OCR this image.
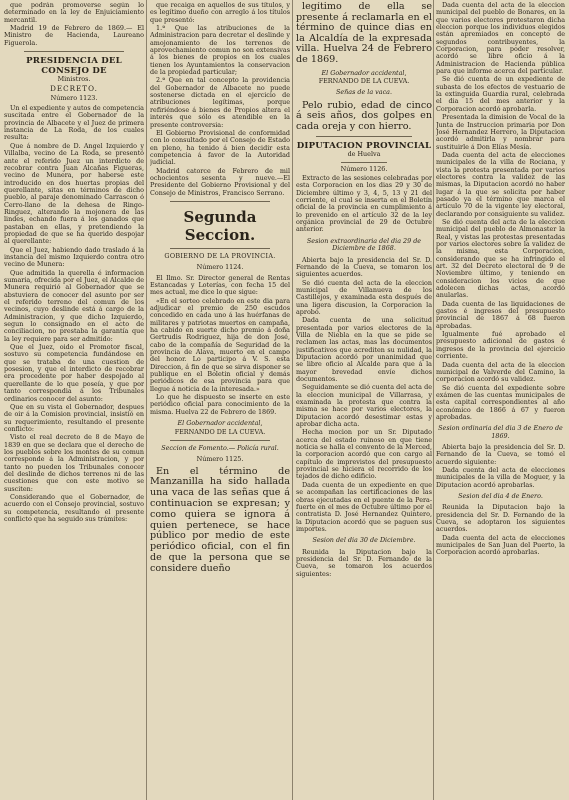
que podrán promoverse según lo determinado en la ley de Enjuiciamiento mercantil.

Madrid 19 de Febrero de 1869.— El Ministro de Hacienda, Laureano Figuerola.

PRESIDENCIA DEL CONSEJO DE
Ministros.
DECRETO.
Número 1123.

Un el expediente y autos de competencia suscitada entre el Gobernador de la provincia de Albacete y el Juez de primera instancia de La Roda, de los cuales resulta:

Que á nombre de D. Angel Izquierdo y Villalba, vecino de La Roda, se presentó ante el referido Juez un interdicto de recobrar contra Juan Alcañas Figueras, vecino de Munera, por haberse este introducido en dos huertas propias del querellante, sitas en términos de dicho pueblo, al paraje denominado Carrascon ó Cerro-llano de la dehesa de Ringo-Ringuez, alterando la mojonera de las lindes, echando fuera á los ganados que pastaban en ellas, y pretendiendo la propiedad de que se ha querido despojar al querellante:

Que el Juez, habiendo dado traslado á la instancia del mismo Izquierdo contra otro vecino de Munera:

Que admitida la querella é informacion sumaria, ofrecida por el Juez, el Alcalde de Munera requirió al Gobernador que se abstuviera de conocer del asunto por ser el referido terreno del comun de los vecinos, cuyo deslinde está á cargo de la Administracion, y que dicho Izquierdo, segun lo consignado en el acto de conciliacion, no prestaba la garantía que la ley requiere para ser admitido:

Que el Juez, oido el Promotor fiscal, sostuvo su competencia fundándose en que se trataba de una cuestion de posesion, y que el interdicto de recobrar era procedente por haber despojado al querellante de lo que poseía, y que por tanto correspondia á los Tribunales ordinarios conocer del asunto:

Que en su vista el Gobernador, despues de oir á la Comision provincial, insistió en su requerimiento, resultando el presente conflicto:

Visto el real decreto de 8 de Mayo de 1839 en que se declara que el derecho de los pueblos sobre los montes de su comun corresponde á la Administracion, y por tanto no pueden los Tribunales conocer del deslinde de dichos terrenos ni de las cuestiones que con este motivo se susciten:

Considerando que el Gobernador, de acuerdo con el Consejo provincial, sostuvo su competencia, resultando el presente conflicto que ha seguido sus trámites:

que recaiga en aquellos de sus títulos, y es legítimo dueño con arreglo á los títulos que presentó:

1.ª Que las atribuciones de la Administracion para decretar el deslinde y amojonamiento de los terrenos de aprovechamiento comun no son extensivas á los bienes de propios en los cuales tienen los Ayuntamientos la conservacion de la propiedad particular;

2.ª Que en tal concepto la providencia del Gobernador de Albacete no puede sostenerse dictada en el ejercicio de atribuciones legítimas, porque refiriéndose á bienes de Propios altera el interés que sólo es atendible en la presente controversia:

El Gobierno Provisional de conformidad con lo consultado por el Consejo de Estado en pleno, ha tenido á bien decidir esta competencia á favor de la Autoridad judicial.

Madrid catorce de Febrero de mil ochocientos sesenta y nueve.—El Presidente del Gobierno Provisional y del Consejo de Ministros, Francisco Serrano.

Segunda Seccion.
GOBIERNO DE LA PROVINCIA.
Número 1124.

El Ilmo. Sr. Director general de Rentas Estancadas y Loterías, con fecha 15 del mes actual, me dice lo que sigue:

«En el sorteo celebrado en este dia para adjudicar el premio de 250 escudos concedido en cada uno á las huérfanas de militares y patriotas muertos en campaña, ha cabido en suerte dicho premio á doña Gertrudis Rodriguez, hija de don José, cabo de la compañía de Seguridad de la provincia de Alava, muerto en el campo del honor. Lo participo á V. S. esta Direccion, á fin de que se sirva disponer se publique en el Boletin oficial y demás periódicos de esa provincia para que llegue á noticia de la interesada.»

Lo que he dispuesto se inserte en este periódico oficial para conocimiento de la misma. Huelva 22 de Febrero de 1869.

El Gobernador accidental,

FERNANDO DE LA CUEVA.

Seccion de Fomento.— Policía rural.

Número 1125.

En el término de Manzanilla ha sido hallada una vaca de las señas que á continuacion se expresan; y como quiera se ignora á quien pertenece, se hace público por medio de este periódico oficial, con el fin de que la persona que se considere dueño

legítimo de ella se presente á reclamarla en el término de quince dias en la Alcaldía de la expresada villa. Huelva 24 de Febrero de 1869.

El Gobernador accidental,

FERNANDO DE LA CUEVA.

Señas de la vaca.

Pelo rubio, edad de cinco á seis años, dos golpes en cada oreja y con hierro.

DIPUTACION PROVINCIAL
de Huelva
Número 1126.

Extracto de las sesiones celebradas por esta Corporacion en los dias 29 y 30 de Diciembre último y 3, 4, 5, 13 y 21 del corriente, el cual se inserta en el Boletín oficial de la provincia en cumplimiento á lo prevenido en el artículo 32 de la ley orgánica provincial de 29 de Octubre anterior.

Sesion extraordinaria del dia 29 de Diciembre de 1868.

Abierta bajo la presidencia del Sr. D. Fernando de la Cueva, se tomaron los siguientes acuerdos.

Se dió cuenta del acta de la eleccion municipal de Villanueva de los Castillejos, y examinada esta después de una ligera discusion, la Corporacion la aprobó.

Dada cuenta de una solicitud presentada por varios electores de la Villa de Niebla en la que se pide se reclamen las actas, mas las documentos justificativos que acrediten su nulidad, la Diputacion acordó por unanimidad que se libre oficio al Alcalde para que á la mayor brevedad envíe dichos documentos.

Seguidamente se dió cuenta del acta de la eleccion municipal de Villarrasa, y examinada la protesta que contra la misma se hace por varios electores, la Diputacion acordó desestimar estas y aprobar dicha acta.

Hecha mocion por un Sr. Diputado acerca del estado ruinoso en que tiene noticia se halla el convento de la Merced, la corporacion acordó que con cargo al capítulo de imprevistos del presupuesto provincial se hiciera el recorrido de los tejados de dicho edificio.

Dada cuenta de un expediente en que se acompañan las certificaciones de las obras ejecutadas en el puente de la Pera-fuerte en el mes de Octubre último por el contratista D. José Hernandez Quintero, la Diputacion acordó que se paguen sus importes.

Sesion del dia 30 de Diciembre.

Reunida la Diputacion bajo la presidencia del Sr. D. Fernando de la Cueva, se tomaron los acuerdos siguientes:

Dada cuenta del acta de la eleccion municipal del pueblo de Bonares, en la que varios electores protestaron dicha eleccion porque los individuos elegidos están apremiados en concepto de segundos contribuyentes, la Corporacion, para poder resolver, acordó se libre oficio á la Administracion de Hacienda pública para que informe acerca del particular.

Se dió cuenta de un expediente de subasta de los efectos de vestuario de la extinguida Guardia rural, celebrada el dia 15 del mes anterior y la Corporacion acordó aprobarla.

Presentada la dimision de Vocal de la Junta de Instruccion primaria por Don José Hernandez Herrero, la Diputacion acordó admitirla y nombrar para sustituirle á Don Elías Mesía.

Dada cuenta del acta de elecciones municipales de la villa de Rociana, y vista la protesta presentada por varios electores contra la validez de las mismas, la Diputacion acordó no haber lugar á la que se solicita por haber pasado ya el término que marca el artículo 70 de la vigente ley electoral, declarando por consiguiente su validez.

Se dió cuenta del acta de la eleccion municipal del pueblo de Almonaster la Real, y vistas las protestas presentadas por varios electores sobre la validez de la misma, esta Corporacion, considerando que se ha infringido el art. 32 del Decreto electoral de 9 de Noviembre último, y teniendo en consideracion los vicios de que adolecen dichas actas, acordó anularlas.

Dada cuenta de las liquidaciones de gastos é ingresos del presupuesto provincial de 1867 á 68 fueron aprobadas.

Igualmente fué aprobado el presupuesto adicional de gastos é ingresos de la provincia del ejercicio corriente.

Dada cuenta del acta de la eleccion municipal de Valverde del Camino, la corporacion acordó su validez.

Se dió cuenta del expediente sobre exámen de las cuentas municipales de esta capital correspondientes al año económico de 1866 á 67 y fueron aprobadas.

Sesion ordinaria del dia 3 de Enero de 1869.

Abierta bajo la presidencia del Sr. D. Fernando de la Cueva, se tomó el acuerdo siguiente:

Dada cuenta del acta de elecciones municipales de la villa de Moguer, y la Diputacion acordó aprobarlas.

Sesion del dia 4 de Enero.

Reunida la Diputacion bajo la presidencia del Sr. D. Fernando de la Cueva, se adoptaron los siguientes acuerdos.

Dada cuenta del acta de elecciones municipales de San Juan del Puerto, la Corporacion acordó aprobarlas.
